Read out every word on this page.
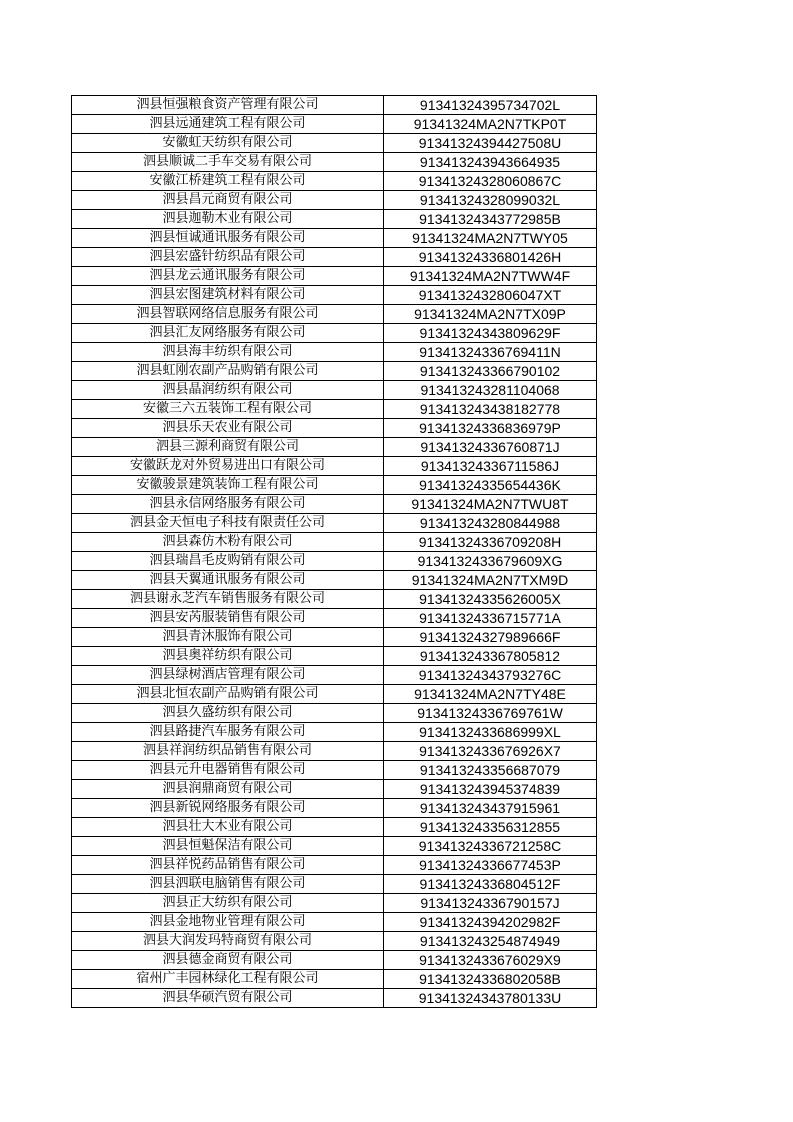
泗县恒强粮食资产管理有限公司	91341324395734702L
泗县远通建筑工程有限公司	91341324MA2N7TKP0T
安徽虹天纺织有限公司	91341324394427508U
泗县顺诚二手车交易有限公司	913413243943664935
安徽江桥建筑工程有限公司	91341324328060867C
泗县昌元商贸有限公司	91341324328099032L
泗县迦勒木业有限公司	91341324343772985B
泗县恒诚通讯服务有限公司	91341324MA2N7TWY05
泗县宏盛针纺织品有限公司	91341324336801426H
泗县龙云通讯服务有限公司	91341324MA2N7TWW4F
泗县宏图建筑材料有限公司	9134132432806047XT
泗县智联网络信息服务有限公司	91341324MA2N7TX09P
泗县汇友网络服务有限公司	91341324343809629F
泗县海丰纺织有限公司	91341324336769411N
泗县虹刚农副产品购销有限公司	913413243366790102
泗县晶润纺织有限公司	913413243281104068
安徽三六五装饰工程有限公司	913413243438182778
泗县乐天农业有限公司	91341324336836979P
泗县三源利商贸有限公司	91341324336760871J
安徽跃龙对外贸易进出口有限公司	91341324336711586J
安徽骏景建筑装饰工程有限公司	91341324335654436K
泗县永信网络服务有限公司	91341324MA2N7TWU8T
泗县金天恒电子科技有限责任公司	913413243280844988
泗县森仿木粉有限公司	91341324336709208H
泗县瑞昌毛皮购销有限公司	9134132433679609XG
泗县天翼通讯服务有限公司	91341324MA2N7TXM9D
泗县谢永芝汽车销售服务有限公司	91341324335626005X
泗县安芮服装销售有限公司	91341324336715771A
泗县青沐服饰有限公司	91341324327989666F
泗县奥祥纺织有限公司	913413243367805812
泗县绿树酒店管理有限公司	91341324343793276C
泗县北恒农副产品购销有限公司	91341324MA2N7TY48E
泗县久盛纺织有限公司	91341324336769761W
泗县路捷汽车服务有限公司	9134132433686999XL
泗县祥润纺织品销售有限公司	9134132433676926X7
泗县元升电器销售有限公司	913413243356687079
泗县润鼎商贸有限公司	913413243945374839
泗县新锐网络服务有限公司	913413243437915961
泗县壮大木业有限公司	913413243356312855
泗县恒魁保洁有限公司	91341324336721258C
泗县祥悦药品销售有限公司	91341324336677453P
泗县泗联电脑销售有限公司	91341324336804512F
泗县正大纺织有限公司	91341324336790157J
泗县金地物业管理有限公司	91341324394202982F
泗县大润发玛特商贸有限公司	913413243254874949
泗县德金商贸有限公司	9134132433676029X9
宿州广丰园林绿化工程有限公司	91341324336802058B
泗县华硕汽贸有限公司	91341324343780133U
